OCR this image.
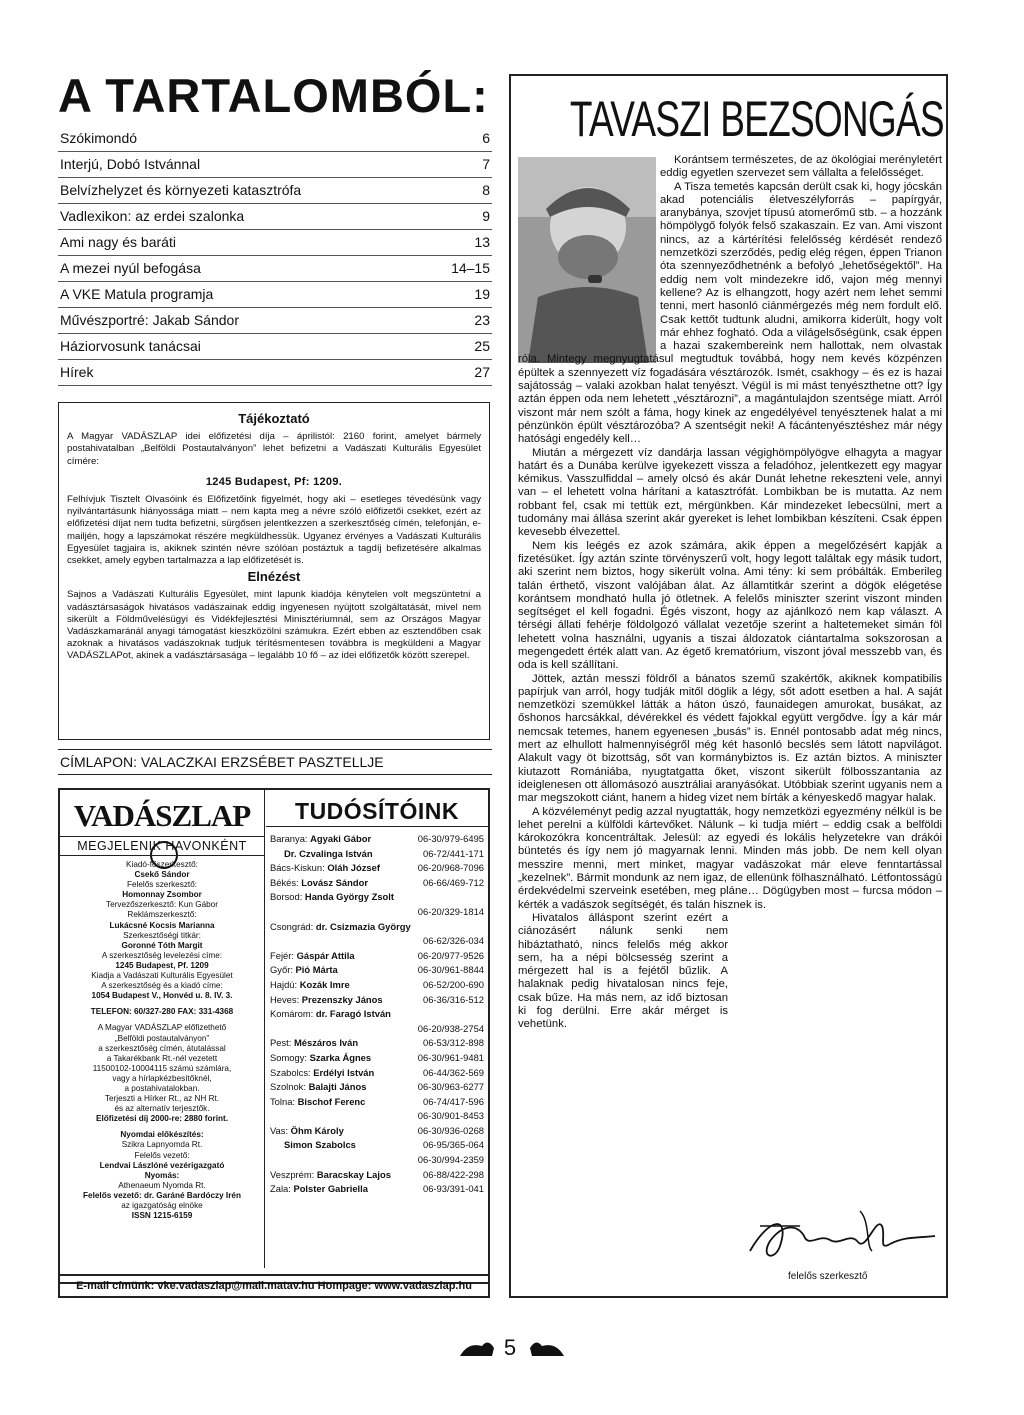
A TARTALOMBÓL:
Szókimondó	6
Interjú, Dobó Istvánnal	7
Belvízhelyzet és környezeti katasztrófa	8
Vadlexikon: az erdei szalonka	9
Ami nagy és baráti	13
A mezei nyúl befogása	14–15
A VKE Matula programja	19
Művészportré: Jakab Sándor	23
Háziorvosunk tanácsai	25
Hírek	27
Tájékoztató

A Magyar VADÁSZLAP idei előfizetési díja – áprilistól: 2160 forint, amelyet bármely postahivatalban „Belföldi Postautalványon” lehet befizetni a Vadászati Kulturális Egyesület címére:

1245 Budapest, Pf: 1209.

Felhívjuk Tisztelt Olvasóink és Előfizetőink figyelmét, hogy aki – esetleges tévedésünk vagy nyilvántartásunk hiányossága miatt – nem kapta meg a névre szóló előfizetői csekket, ezért az előfizetési díjat nem tudta befizetni, sürgősen jelentkezzen a szerkesztőség címén, telefonján, e-mailjén, hogy a lapszámokat részére megküldhessük. Ugyanez érvényes a Vadászati Kulturális Egyesület tagjaira is, akiknek szintén névre szólóan postáztuk a tagdíj befizetésére alkalmas csekket, amely egyben tartalmazza a lap előfizetését is.

Elnézést

Sajnos a Vadászati Kulturális Egyesület, mint lapunk kiadója kénytelen volt megszüntetni a vadásztársaságok hivatásos vadászainak eddig ingyenesen nyújtott szolgáltatását, mivel nem sikerült a Földművelésügyi és Vidékfejlesztési Minisztériumnál, sem az Országos Magyar Vadászkamaránál anyagi támogatást kieszközölni számukra. Ezért ebben az esztendőben csak azoknak a hivatásos vadászoknak tudjuk térítésmentesen továbbra is megküldeni a Magyar VADÁSZLAPot, akinek a vadásztársasága – legalább 10 fő – az idei előfizetők között szerepel.

CÍMLAPON: VALACZKAI ERZSÉBET PASZTELLJE
VADÁSZLAP
MEGJELENIK HAVONKÉNT
Kiadó-főszerkesztő:
Csekő Sándor
Felelős szerkesztő:
Homonnay Zsombor
Tervezőszerkesztő: Kun Gábor
Reklámszerkesztő:
Lukácsné Kocsis Marianna
Szerkesztőségi titkár:
Goronné Tóth Margit
A szerkesztőség levelezési címe:
1245 Budapest, Pf. 1209
Kiadja a Vadászati Kulturális Egyesület
A szerkesztőség és a kiadó címe:
1054 Budapest V., Honvéd u. 8. IV. 3.
TELEFON: 60/327-280 FAX: 331-4368
A Magyar VADÁSZLAP előfizethető
„Belföldi postautalványon”
a szerkesztőség címén, átutalással
a Takarékbank Rt.-nél vezetett
11500102-10004115 számú számlára,
vagy a hírlapkézbesítőknél,
a postahivatalokban.
Terjeszti a Hírker Rt., az NH Rt.
és az alternatív terjesztők.
Előfizetési díj 2000-re: 2880 forint.
Nyomdai előkészítés:
Szikra Lapnyomda Rt.
Felelős vezető:
Lendvai Lászlóné vezérigazgató
Nyomás:
Athenaeum Nyomda Rt.
Felelős vezető: dr. Garáné Bardóczy Irén
az igazgatóság elnöke
ISSN 1215-6159
TUDÓSÍTÓINK
Baranya: Agyaki Gábor	06-30/979-6495
Dr. Czvalinga István	06-72/441-171
Bács-Kiskun: Oláh József	06-20/968-7096
Békés: Lovász Sándor	06-66/469-712
Borsod: Handa György Zsolt
06-20/329-1814
Csongrád: dr. Csizmazia György
06-62/326-034
Fejér: Gáspár Attila	06-20/977-9526
Győr: Pió Márta	06-30/961-8844
Hajdú: Kozák Imre	06-52/200-690
Heves: Prezenszky János	06-36/316-512
Komárom: dr. Faragó István
06-20/938-2754
Pest: Mészáros Iván	06-53/312-898
Somogy: Szarka Ágnes	06-30/961-9481
Szabolcs: Erdélyi István	06-44/362-569
Szolnok: Balajti János	06-30/963-6277
Tolna: Bischof Ferenc	06-74/417-596
06-30/901-8453
Vas: Öhm Károly	06-30/936-0268
Simon Szabolcs	06-95/365-064
06-30/994-2359
Veszprém: Baracskay Lajos	06-88/422-298
Zala: Polster Gabriella	06-93/391-041
E-mail címünk: vke.vadaszlap@mail.matav.hu Hompage: www.vadaszlap.hu
TAVASZI BEZSONGÁS

Korántsem természetes, de az ökológiai merényletért eddig egyetlen szervezet sem vállalta a felelősséget.

A Tisza temetés kapcsán derült csak ki, hogy jócskán akad potenciális életveszélyforrás – papírgyár, aranybánya, szovjet típusú atomerőmű stb. – a hozzánk hömpölygő folyók felső szakaszain. Ez van. Ami viszont nincs, az a kártérítési felelősség kérdését rendező nemzetközi szerződés, pedig elég régen, éppen Trianon óta szennyeződhetnénk a befolyó „lehetőségektől”. Ha eddig nem volt mindezekre idő, vajon még mennyi kellene? Az is elhangzott, hogy azért nem lehet semmi tenni, mert hasonló ciánmérgezés még nem fordult elő. Csak kettőt tudtunk aludni, amikorra kiderült, hogy volt már ehhez fogható. Oda a világelsőségünk, csak éppen a hazai szakembereink nem hallottak, nem olvastak róla. Mintegy megnyugtatásul megtudtuk továbbá, hogy nem kevés közpénzen épültek a szennyezett víz fogadására vésztározók. Ismét, csakhogy – és ez is hazai sajátosság – valaki azokban halat tenyészt. Végül is mi mást tenyészthetne ott? Így aztán éppen oda nem lehetett „vésztározni”, a magántulajdon szentsége miatt. Arról viszont már nem szólt a fáma, hogy kinek az engedélyével tenyésztenek halat a mi pénzünkön épült vésztározóba? A szentségit neki! A fácántenyésztéshez már négy hatósági engedély kell…

Miután a mérgezett víz dandárja lassan végighömpölyögve elhagyta a magyar határt és a Dunába kerülve igyekezett vissza a feladóhoz, jelentkezett egy magyar kémikus. Vasszulfiddal – amely olcsó és akár Dunát lehetne rekeszteni vele, annyi van – el lehetett volna hárítani a katasztrófát. Lombikban be is mutatta. Az nem robbant fel, csak mi tettük ezt, mérgünkben. Kár mindezeket lebecsülni, mert a tudomány mai állása szerint akár gyereket is lehet lombikban készíteni. Csak éppen kevesebb élvezettel.

Nem kis leégés ez azok számára, akik éppen a megelőzésért kapják a fizetésüket. Így aztán szinte törvényszerű volt, hogy legott találtak egy másik tudort, aki szerint nem biztos, hogy sikerült volna. Ami tény: ki sem próbálták. Emberileg talán érthető, viszont valójában álat. Az államtitkár szerint a dögök elégetése korántsem mondható hulla jó ötletnek. A felelős miniszter szerint viszont minden segítséget el kell fogadni. Égés viszont, hogy az ajánlkozó nem kap választ. A térségi állati fehérje földolgozó vállalat vezetője szerint a haltetemeket simán föl lehetett volna használni, ugyanis a tiszai áldozatok ciántartalma sokszorosan a megengedett érték alatt van. Az égető krematórium, viszont jóval messzebb van, és oda is kell szállítani.

Jöttek, aztán messzi földről a bánatos szemű szakértők, akiknek kompatibilis papírjuk van arról, hogy tudják mitől döglik a légy, sőt adott esetben a hal. A saját nemzetközi szemükkel látták a háton úszó, faunaidegen amurokat, busákat, az őshonos harcsákkal, dévérekkel és védett fajokkal együtt vergődve. Így a kár már nemcsak tetemes, hanem egyenesen „busás” is. Ennél pontosabb adat még nincs, mert az elhullott halmennyiségről még két hasonló becslés sem látott napvilágot. Alakult vagy öt bizottság, sőt van kormánybiztos is. Ez aztán biztos. A miniszter kiutazott Romániába, nyugtatgatta őket, viszont sikerült fölbosszantania az ideiglenesen ott állomásozó ausztráliai aranyásókat. Utóbbiak szerint ugyanis nem a mar megszokott ciánt, hanem a hideg vizet nem bírták a kényeskedő magyar halak.

A közvéleményt pedig azzal nyugtatták, hogy nemzetközi egyezmény nélkül is be lehet perelni a külföldi kártevőket. Nálunk – ki tudja miért – eddig csak a belföldi károkozókra koncentráltak. Jelesül: az egyedi és lokális helyzetekre van drákói büntetés és így nem jó magyarnak lenni. Minden más jobb. De nem kell olyan messzire menni, mert minket, magyar vadászokat már eleve fenntartással „kezelnek”. Bármit mondunk az nem igaz, de ellenünk fölhasználható. Létfontosságú érdekvédelmi szerveink esetében, meg pláne… Dögügyben most – furcsa módon – kérték a vadászok segítségét, és talán hisznek is.

Hivatalos álláspont szerint ezért a ciánozásért nálunk senki nem hibáztatható, nincs felelős még akkor sem, ha a népi bölcsesség szerint a mérgezett hal is a fejétől bűzlik. A halaknak pedig hivatalosan nincs feje, csak bűze. Ha más nem, az idő biztosan ki fog derülni. Erre akár mérget is vehetünk.

felelős szerkesztő
5
